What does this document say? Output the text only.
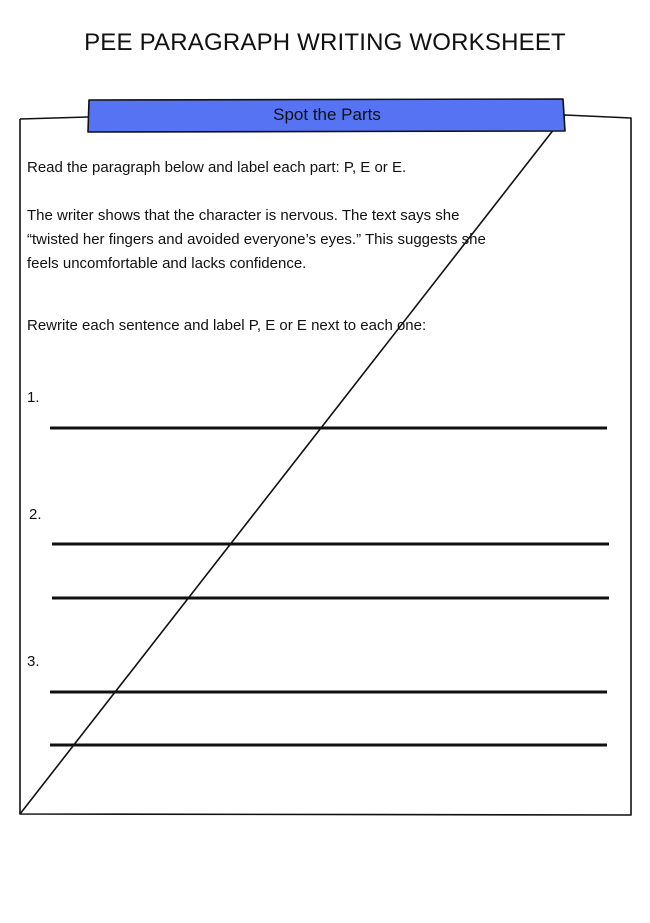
PEE PARAGRAPH WRITING WORKSHEET
Spot the Parts
Read the paragraph below and label each part: P, E or E.
The writer shows that the character is nervous. The text says she
“twisted her fingers and avoided everyone’s eyes.” This suggests she
feels uncomfortable and lacks confidence.
Rewrite each sentence and label P, E or E next to each one:
1.
2.
3.
